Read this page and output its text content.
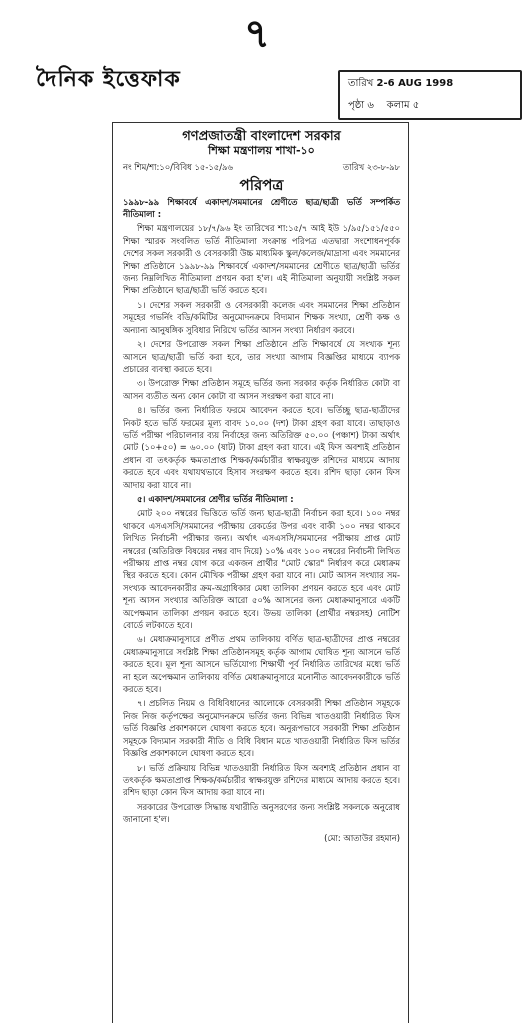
৭
দৈনিক ইত্তেফাক	তারিখ 2-6 AUG 1998
পৃষ্ঠা ৬ কলাম ৫
গণপ্রজাতন্ত্রী বাংলাদেশ সরকার
শিক্ষা মন্ত্রণালয় শাখা-১০
নং শিম/শা:১০/বিবিধ ১৫-১৫/৯৬	তারিখ ২৩-৮-৯৮
পরিপত্র
১৯৯৮-৯৯ শিক্ষাবর্ষে একাদশ/সমমানের শ্রেণীতে ছাত্র/ছাত্রী ভর্তি সম্পর্কিত নীতিমালা :

শিক্ষা মন্ত্রণালয়ের ১৮/৭/৯৬ ইং তারিখের শা:১৫/৭ আই ইউ ১/৯৫/১৫১/৫৫০ শিক্ষা স্মারক সংবলিত ভর্তি নীতিমালা সংক্রান্ত পরিপত্র এতদ্বারা সংশোধনপূর্বক দেশের সকল সরকারী ও বেসরকারী উচ্চ মাধ্যমিক স্কুল/কলেজ/মাদ্রাসা এবং সমমানের শিক্ষা প্রতিষ্ঠানে ১৯৯৮-৯৯ শিক্ষাবর্ষে একাদশ/সমমানের শ্রেণীতে ছাত্র/ছাত্রী ভর্তির জন্য নিম্নলিখিত নীতিমালা প্রণয়ন করা হ'ল। এই নীতিমালা অনুযায়ী সংশ্লিষ্ট সকল শিক্ষা প্রতিষ্ঠানে ছাত্র/ছাত্রী ভর্তি করতে হবে।

১। দেশের সকল সরকারী ও বেসরকারী কলেজ এবং সমমানের শিক্ষা প্রতিষ্ঠান সমূহের গভর্নিং বডি/কমিটির অনুমোদনক্রমে বিদ্যমান শিক্ষক সংখ্যা, শ্রেণী কক্ষ ও অন্যান্য আনুষঙ্গিক সুবিধার নিরিখে ভর্তির আসন সংখ্যা নির্ধারণ করবে।

২। দেশের উপরোক্ত সকল শিক্ষা প্রতিষ্ঠানে প্রতি শিক্ষাবর্ষে যে সংখ্যক শূন্য আসনে ছাত্র/ছাত্রী ভর্তি করা হবে, তার সংখ্যা আগাম বিজ্ঞপ্তির মাধ্যমে ব্যাপক প্রচারের ব্যবস্থা করতে হবে।

৩। উপরোক্ত শিক্ষা প্রতিষ্ঠান সমূহে ভর্তির জন্য সরকার কর্তৃক নির্ধারিত কোটা বা আসন ব্যতীত অন্য কোন কোটা বা আসন সংরক্ষণ করা যাবে না।

৪। ভর্তির জন্য নির্ধারিত ফরমে আবেদন করতে হবে। ভর্তিচ্ছু ছাত্র-ছাত্রীদের নিকট হতে ভর্তি ফরমের মূল্য বাবদ ১০.০০ (দশ) টাকা গ্রহণ করা যাবে। তাছাড়াও ভর্তি পরীক্ষা পরিচালনার ব্যয় নির্বাহের জন্য অতিরিক্ত ৫০.০০ (পঞ্চাশ) টাকা অর্থাৎ মোট (১০+৫০) = ৬০.০০ (ষাট) টাকা গ্রহণ করা যাবে। এই ফিস অবশ্যই প্রতিষ্ঠান প্রধান বা তৎকর্তৃক ক্ষমতাপ্রাপ্ত শিক্ষক/কর্মচারীর স্বাক্ষরযুক্ত রশিদের মাধ্যমে আদায় করতে হবে এবং যথাযথভাবে হিসাব সংরক্ষণ করতে হবে। রশিদ ছাড়া কোন ফিস আদায় করা যাবে না।

৫। একাদশ/সমমানের শ্রেণীর ভর্তির নীতিমালা :

মোট ২০০ নম্বরের ভিত্তিতে ভর্তি জন্য ছাত্র-ছাত্রী নির্বাচন করা হবে। ১০০ নম্বর থাকবে এসএসসি/সমমানের পরীক্ষায় রেকর্ডের উপর এবং বাকী ১০০ নম্বর থাকবে লিখিত নির্বাচনী পরীক্ষার জন্য। অর্থাৎ এসএসসি/সমমানের পরীক্ষায় প্রাপ্ত মোট নম্বরের (অতিরিক্ত বিষয়ের নম্বর বাদ দিয়ে) ১০% এবং ১০০ নম্বরের নির্বাচনী লিখিত পরীক্ষায় প্রাপ্ত নম্বর যোগ করে একজন প্রার্থীর "মোট স্কোর" নির্ধারণ করে মেধাক্রম স্থির করতে হবে। কোন মৌখিক পরীক্ষা গ্রহণ করা যাবে না। মোট আসন সংখ্যার সম-সংখ্যক আবেদনকারীর ক্রম-অগ্রাধিকার মেধা তালিকা প্রণয়ন করতে হবে এবং মোট শূন্য আসন সংখ্যার অতিরিক্ত আরো ৫০% আসনের জন্য মেধাক্রমানুসারে একটি অপেক্ষমান তালিকা প্রণয়ন করতে হবে। উভয় তালিকা (প্রার্থীর নম্বরসহ) নোটিশ বোর্ডে লটকাতে হবে।

৬। মেধাক্রমানুসারে প্রণীত প্রথম তালিকায় বর্ণিত ছাত্র-ছাত্রীদের প্রাপ্ত নম্বরের মেধাক্রমানুসারে সংশ্লিষ্ট শিক্ষা প্রতিষ্ঠানসমূহ কর্তৃক আগাম ঘোষিত শূন্য আসনে ভর্তি করতে হবে। মূল শূন্য আসনে ভর্তিযোগ্য শিক্ষার্থী পূর্ব নির্ধারিত তারিখের মধ্যে ভর্তি না হলে অপেক্ষমান তালিকায় বর্ণিত মেধাক্রমানুসারে মনোনীত আবেদনকারীকে ভর্তি করতে হবে।

৭। প্রচলিত নিয়ম ও বিধিবিধানের আলোকে বেসরকারী শিক্ষা প্রতিষ্ঠান সমূহকে নিজ নিজ কর্তৃপক্ষের অনুমোদনক্রমে ভর্তির জন্য বিভিন্ন খাতওয়ারী নির্ধারিত ফিস ভর্তি বিজ্ঞপ্তি প্রকাশকালে ঘোষণা করতে হবে। অনুরূপভাবে সরকারী শিক্ষা প্রতিষ্ঠান সমূহকে বিদ্যমান সরকারী নীতি ও বিধি বিধান মতে খাতওয়ারী নির্ধারিত ফিস ভর্তির বিজ্ঞপ্তি প্রকাশকালে ঘোষণা করতে হবে।

৮। ভর্তি প্রক্রিয়ায় বিভিন্ন খাতওয়ারী নির্ধারিত ফিস অবশ্যই প্রতিষ্ঠান প্রধান বা তৎকর্তৃক ক্ষমতাপ্রাপ্ত শিক্ষক/কর্মচারীর স্বাক্ষরযুক্ত রশিদের মাধ্যমে আদায় করতে হবে। রশিদ ছাড়া কোন ফিস আদায় করা যাবে না।

সরকারের উপরোক্ত সিদ্ধান্ত যথারীতি অনুসরণের জন্য সংশ্লিষ্ট সকলকে অনুরোধ জানানো হ'ল।

(মো: আতাউর রহমান)
